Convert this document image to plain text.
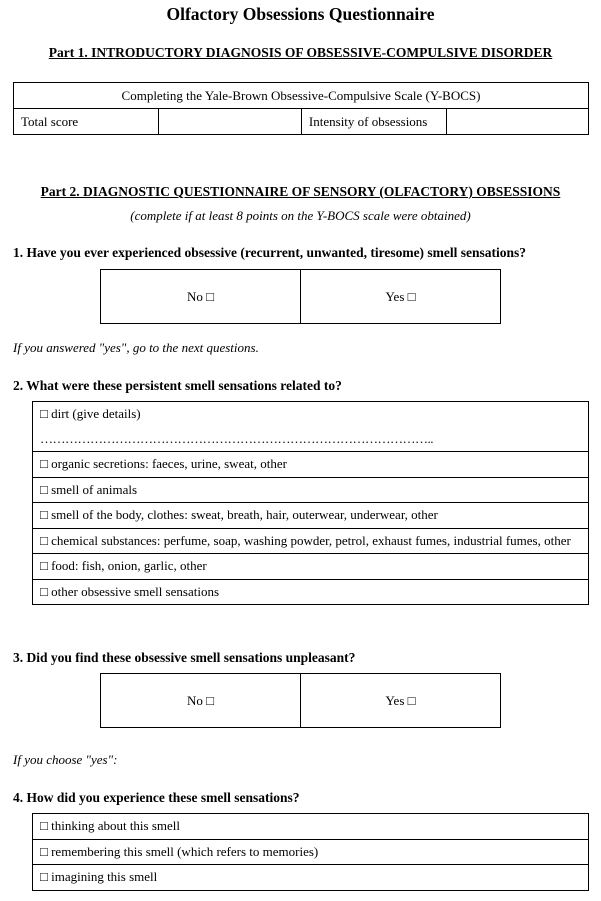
Olfactory Obsessions Questionnaire
Part 1. INTRODUCTORY DIAGNOSIS OF OBSESSIVE-COMPULSIVE DISORDER
Completing the Yale-Brown Obsessive-Compulsive Scale (Y-BOCS)
Total score		Intensity of obsessions	
Part 2. DIAGNOSTIC QUESTIONNAIRE OF SENSORY (OLFACTORY) OBSESSIONS
(complete if at least 8 points on the Y-BOCS scale were obtained)
1. Have you ever experienced obsessive (recurrent, unwanted, tiresome) smell sensations?
No □	Yes □
If you answered "yes", go to the next questions.
2. What were these persistent smell sensations related to?
□ dirt (give details)
…………………………………………………………………………………..

□ organic secretions: faeces, urine, sweat, other
□ smell of animals
□ smell of the body, clothes: sweat, breath, hair, outerwear, underwear, other
□ chemical substances: perfume, soap, washing powder, petrol, exhaust fumes, industrial fumes, other
□ food: fish, onion, garlic, other
□ other obsessive smell sensations
3. Did you find these obsessive smell sensations unpleasant?
No □	Yes □
If you choose "yes":
4. How did you experience these smell sensations?
□ thinking about this smell
□ remembering this smell (which refers to memories)
□ imagining this smell
